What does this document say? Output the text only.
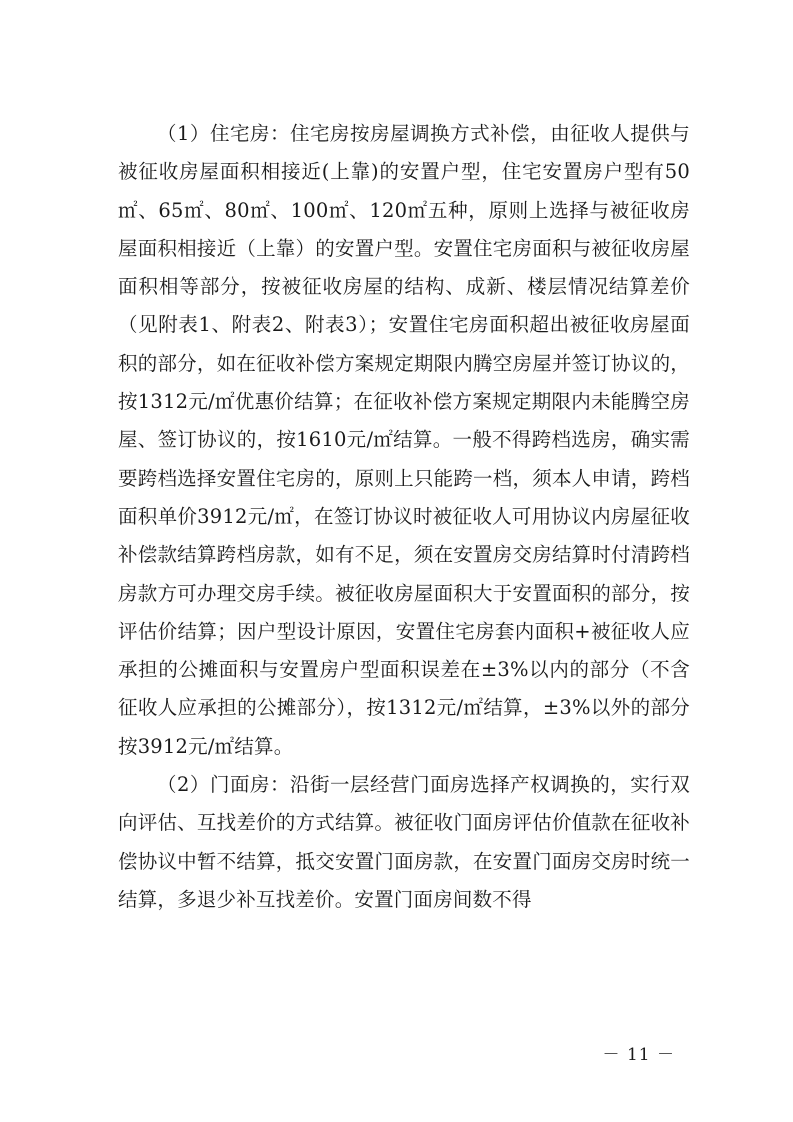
（1）住宅房：住宅房按房屋调换方式补偿，由征收人提供与被征收房屋面积相接近(上靠)的安置户型，住宅安置房户型有50㎡、65㎡、80㎡、100㎡、120㎡五种，原则上选择与被征收房屋面积相接近（上靠）的安置户型。安置住宅房面积与被征收房屋面积相等部分，按被征收房屋的结构、成新、楼层情况结算差价（见附表1、附表2、附表3）；安置住宅房面积超出被征收房屋面积的部分，如在征收补偿方案规定期限内腾空房屋并签订协议的，按1312元/㎡优惠价结算；在征收补偿方案规定期限内未能腾空房屋、签订协议的，按1610元/㎡结算。一般不得跨档选房，确实需要跨档选择安置住宅房的，原则上只能跨一档，须本人申请，跨档面积单价3912元/㎡，在签订协议时被征收人可用协议内房屋征收补偿款结算跨档房款，如有不足，须在安置房交房结算时付清跨档房款方可办理交房手续。被征收房屋面积大于安置面积的部分，按评估价结算；因户型设计原因，安置住宅房套内面积+被征收人应承担的公摊面积与安置房户型面积误差在±3%以内的部分（不含征收人应承担的公摊部分），按1312元/㎡结算，±3%以外的部分按3912元/㎡结算。

（2）门面房：沿街一层经营门面房选择产权调换的，实行双向评估、互找差价的方式结算。被征收门面房评估价值款在征收补偿协议中暂不结算，抵交安置门面房款，在安置门面房交房时统一结算，多退少补互找差价。安置门面房间数不得

－ 11 －
